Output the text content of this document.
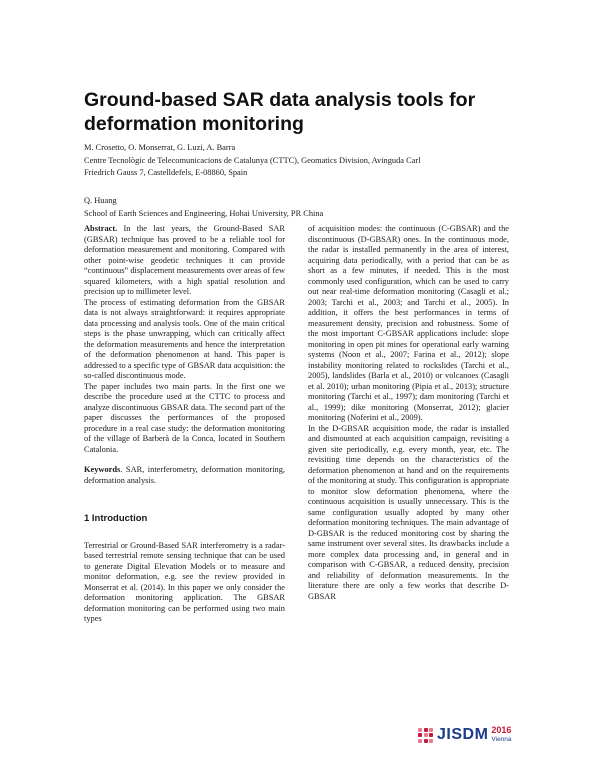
Ground-based SAR data analysis tools for deformation monitoring
M. Crosetto, O. Monserrat, G. Luzi, A. Barra
Centre Tecnològic de Telecomunicacions de Catalunya (CTTC), Geomatics Division, Avinguda Carl
Friedrich Gauss 7, Castelldefels, E-08860, Spain
Q. Huang
School of Earth Sciences and Engineering, Hohai University, PR China

Abstract. In the last years, the Ground-Based SAR (GBSAR) technique has proved to be a reliable tool for deformation measurement and monitoring. Compared with other point-wise geodetic techniques it can provide “continuous” displacement measurements over areas of few squared kilometers, with a high spatial resolution and precision up to millimeter level.

The process of estimating deformation from the GBSAR data is not always straightforward: it requires appropriate data processing and analysis tools. One of the main critical steps is the phase unwrapping, which can critically affect the deformation measurements and hence the interpretation of the deformation phenomenon at hand. This paper is addressed to a specific type of GBSAR data acquisition: the so-called discontinuous mode.

The paper includes two main parts. In the first one we describe the procedure used at the CTTC to process and analyze discontinuous GBSAR data. The second part of the paper discusses the performances of the proposed procedure in a real case study: the deformation monitoring of the village of Barberà de la Conca, located in Southern Catalonia.

Keywords. SAR, interferometry, deformation monitoring, deformation analysis.

1 Introduction

Terrestrial or Ground-Based SAR interferometry is a radar-based terrestrial remote sensing technique that can be used to generate Digital Elevation Models or to measure and monitor deformation, e.g. see the review provided in Monserrat et al. (2014). In this paper we only consider the deformation monitoring application. The GBSAR deformation monitoring can be performed using two main types

of acquisition modes: the continuous (C-GBSAR) and the discontinuous (D-GBSAR) ones. In the continuous mode, the radar is installed permanently in the area of interest, acquiring data periodically, with a period that can be as short as a few minutes, if needed. This is the most commonly used configuration, which can be used to carry out near real-time deformation monitoring (Casagli et al.; 2003; Tarchi et al., 2003; and Tarchi et al., 2005). In addition, it offers the best performances in terms of measurement density, precision and robustness. Some of the most important C-GBSAR applications include: slope monitoring in open pit mines for operational early warning systems (Noon et al., 2007; Farina et al., 2012); slope instability monitoring related to rockslides (Tarchi et al., 2005), landslides (Barla et al., 2010) or volcanoes (Casagli et al. 2010); urban monitoring (Pipia et al., 2013); structure monitoring (Tarchi et al., 1997); dam monitoring (Tarchi et al., 1999); dike monitoring (Monserrat, 2012); glacier monitoring (Noferini et al., 2009).

In the D-GBSAR acquisition mode, the radar is installed and dismounted at each acquisition campaign, revisiting a given site periodically, e.g. every month, year, etc. The revisiting time depends on the characteristics of the deformation phenomenon at hand and on the requirements of the monitoring at study. This configuration is appropriate to monitor slow deformation phenomena, where the continuous acquisition is usually unnecessary. This is the same configuration usually adopted by many other deformation monitoring techniques. The main advantage of D-GBSAR is the reduced monitoring cost by sharing the same instrument over several sites. Its drawbacks include a more complex data processing and, in general and in comparison with C-GBSAR, a reduced density, precision and reliability of deformation measurements. In the literature there are only a few works that describe D-GBSAR

JISDM 2016
Vienna
